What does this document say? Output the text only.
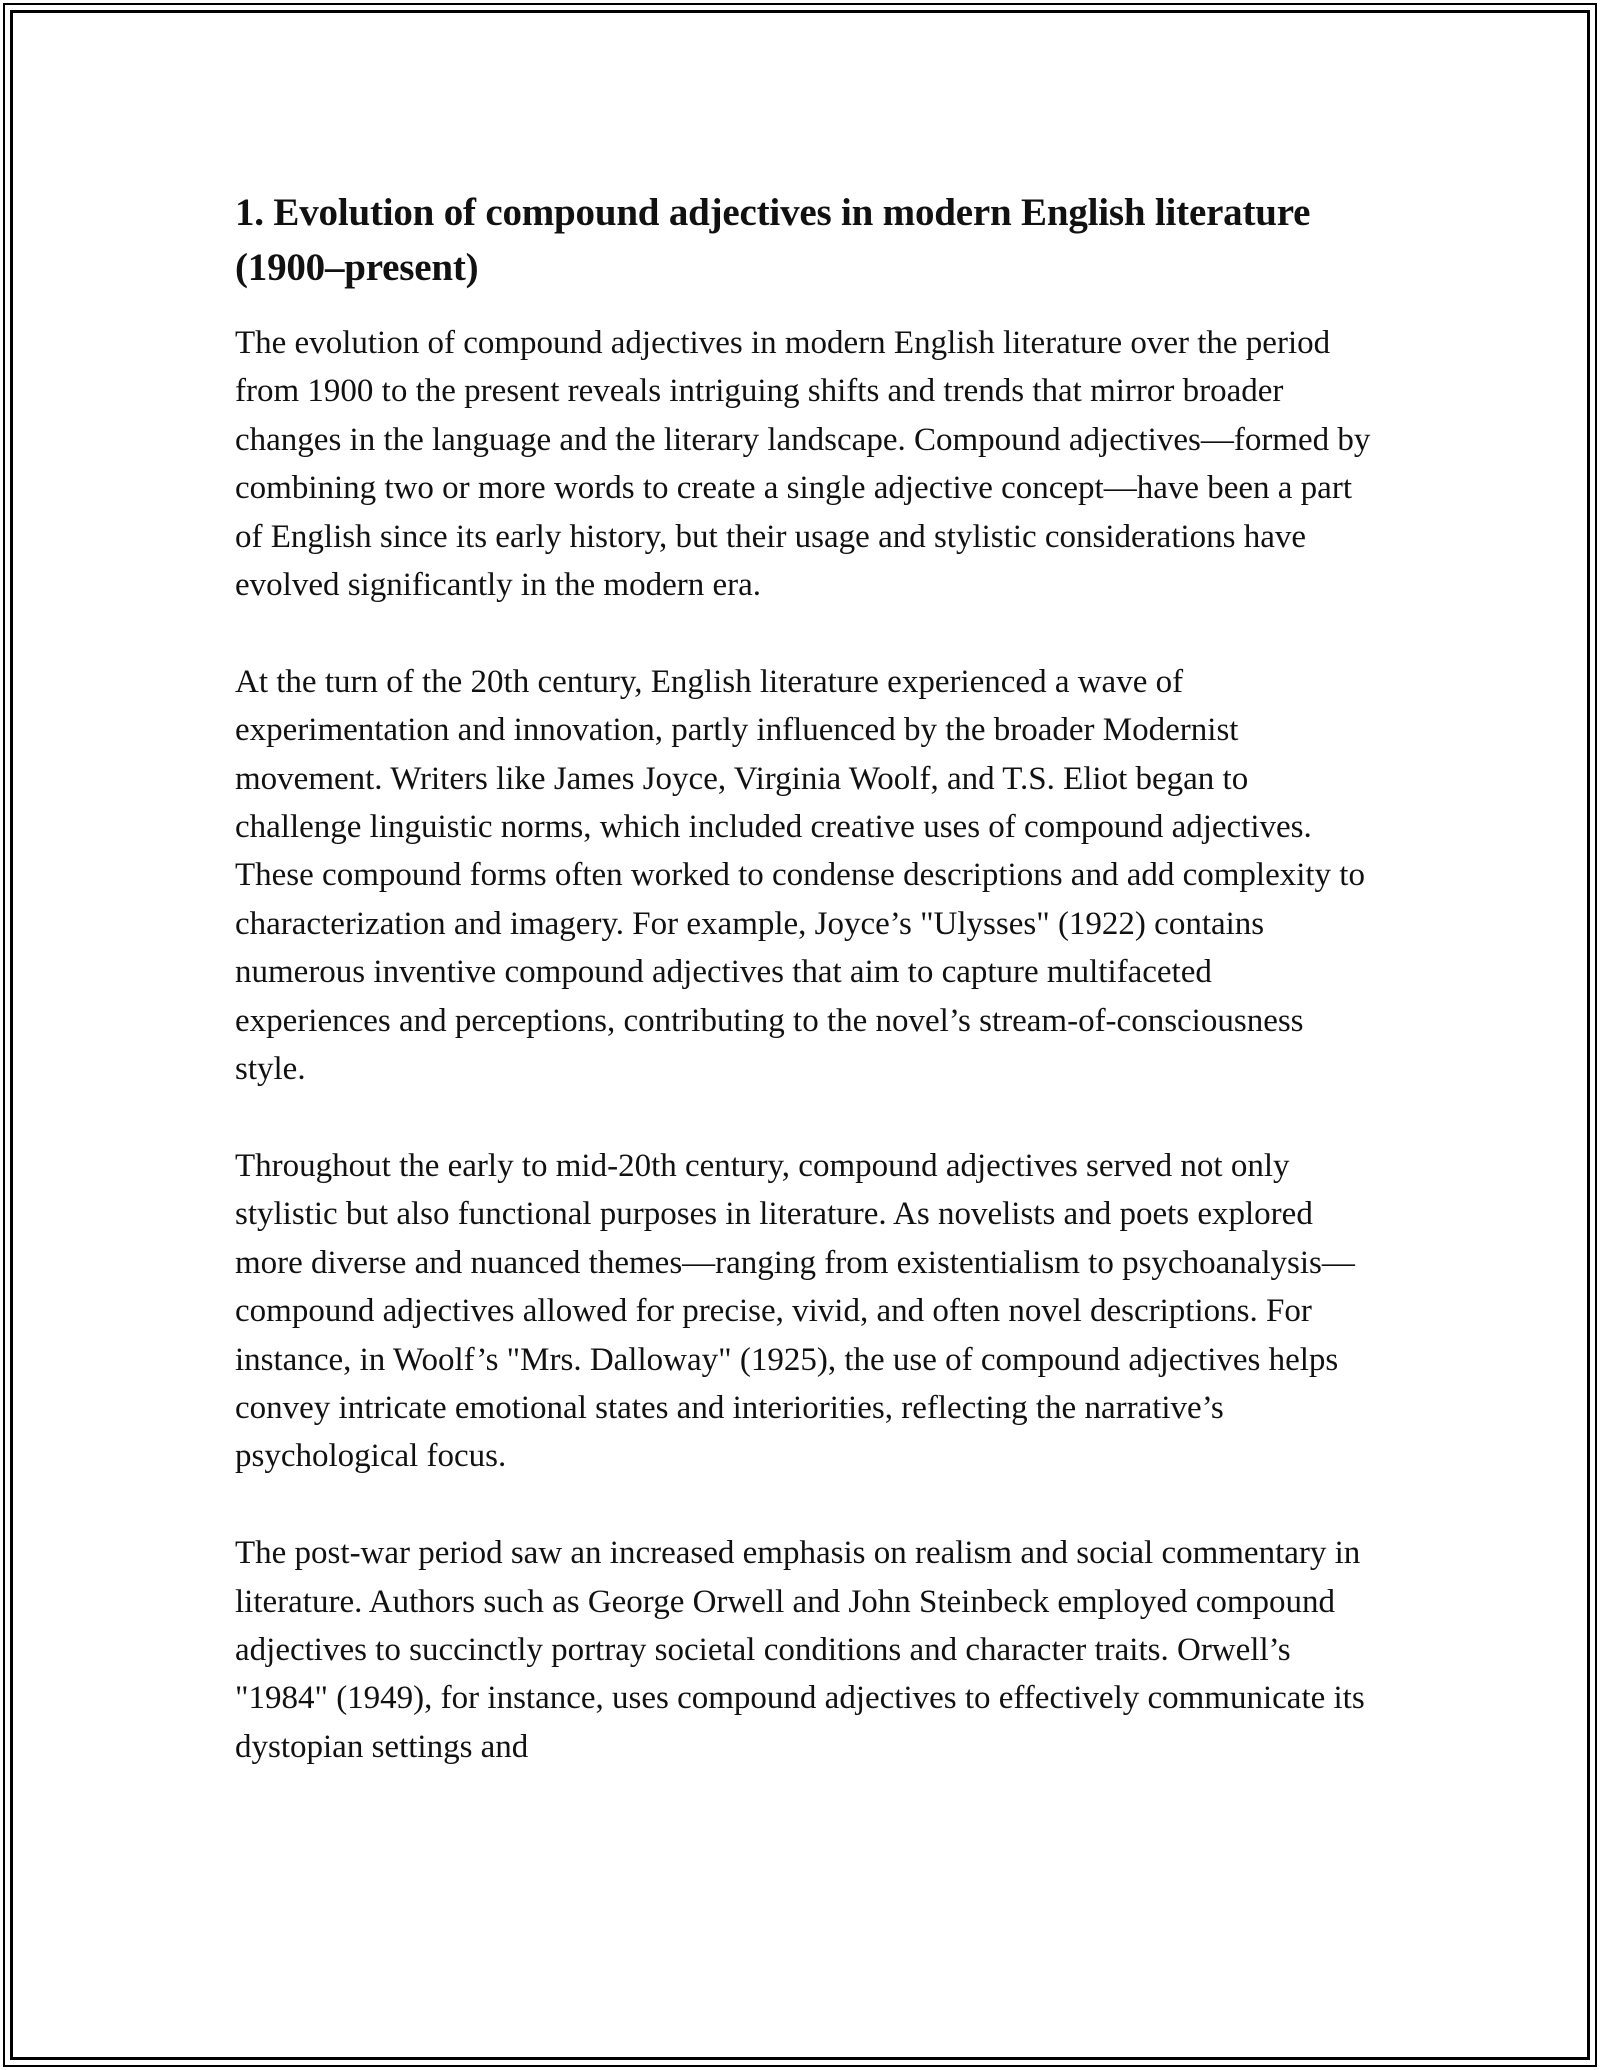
1. Evolution of compound adjectives in modern English literature (1900–present)

The evolution of compound adjectives in modern English literature over the period from 1900 to the present reveals intriguing shifts and trends that mirror broader changes in the language and the literary landscape. Compound adjectives—formed by combining two or more words to create a single adjective concept—have been a part of English since its early history, but their usage and stylistic considerations have evolved significantly in the modern era.

At the turn of the 20th century, English literature experienced a wave of experimentation and innovation, partly influenced by the broader Modernist movement. Writers like James Joyce, Virginia Woolf, and T.S. Eliot began to challenge linguistic norms, which included creative uses of compound adjectives. These compound forms often worked to condense descriptions and add complexity to characterization and imagery. For example, Joyce’s "Ulysses" (1922) contains numerous inventive compound adjectives that aim to capture multifaceted experiences and perceptions, contributing to the novel’s stream-of-consciousness style.

Throughout the early to mid-20th century, compound adjectives served not only stylistic but also functional purposes in literature. As novelists and poets explored more diverse and nuanced themes—ranging from existentialism to psychoanalysis—compound adjectives allowed for precise, vivid, and often novel descriptions. For instance, in Woolf’s "Mrs. Dalloway" (1925), the use of compound adjectives helps convey intricate emotional states and interiorities, reflecting the narrative’s psychological focus.

The post-war period saw an increased emphasis on realism and social commentary in literature. Authors such as George Orwell and John Steinbeck employed compound adjectives to succinctly portray societal conditions and character traits. Orwell’s "1984" (1949), for instance, uses compound adjectives to effectively communicate its dystopian settings and
